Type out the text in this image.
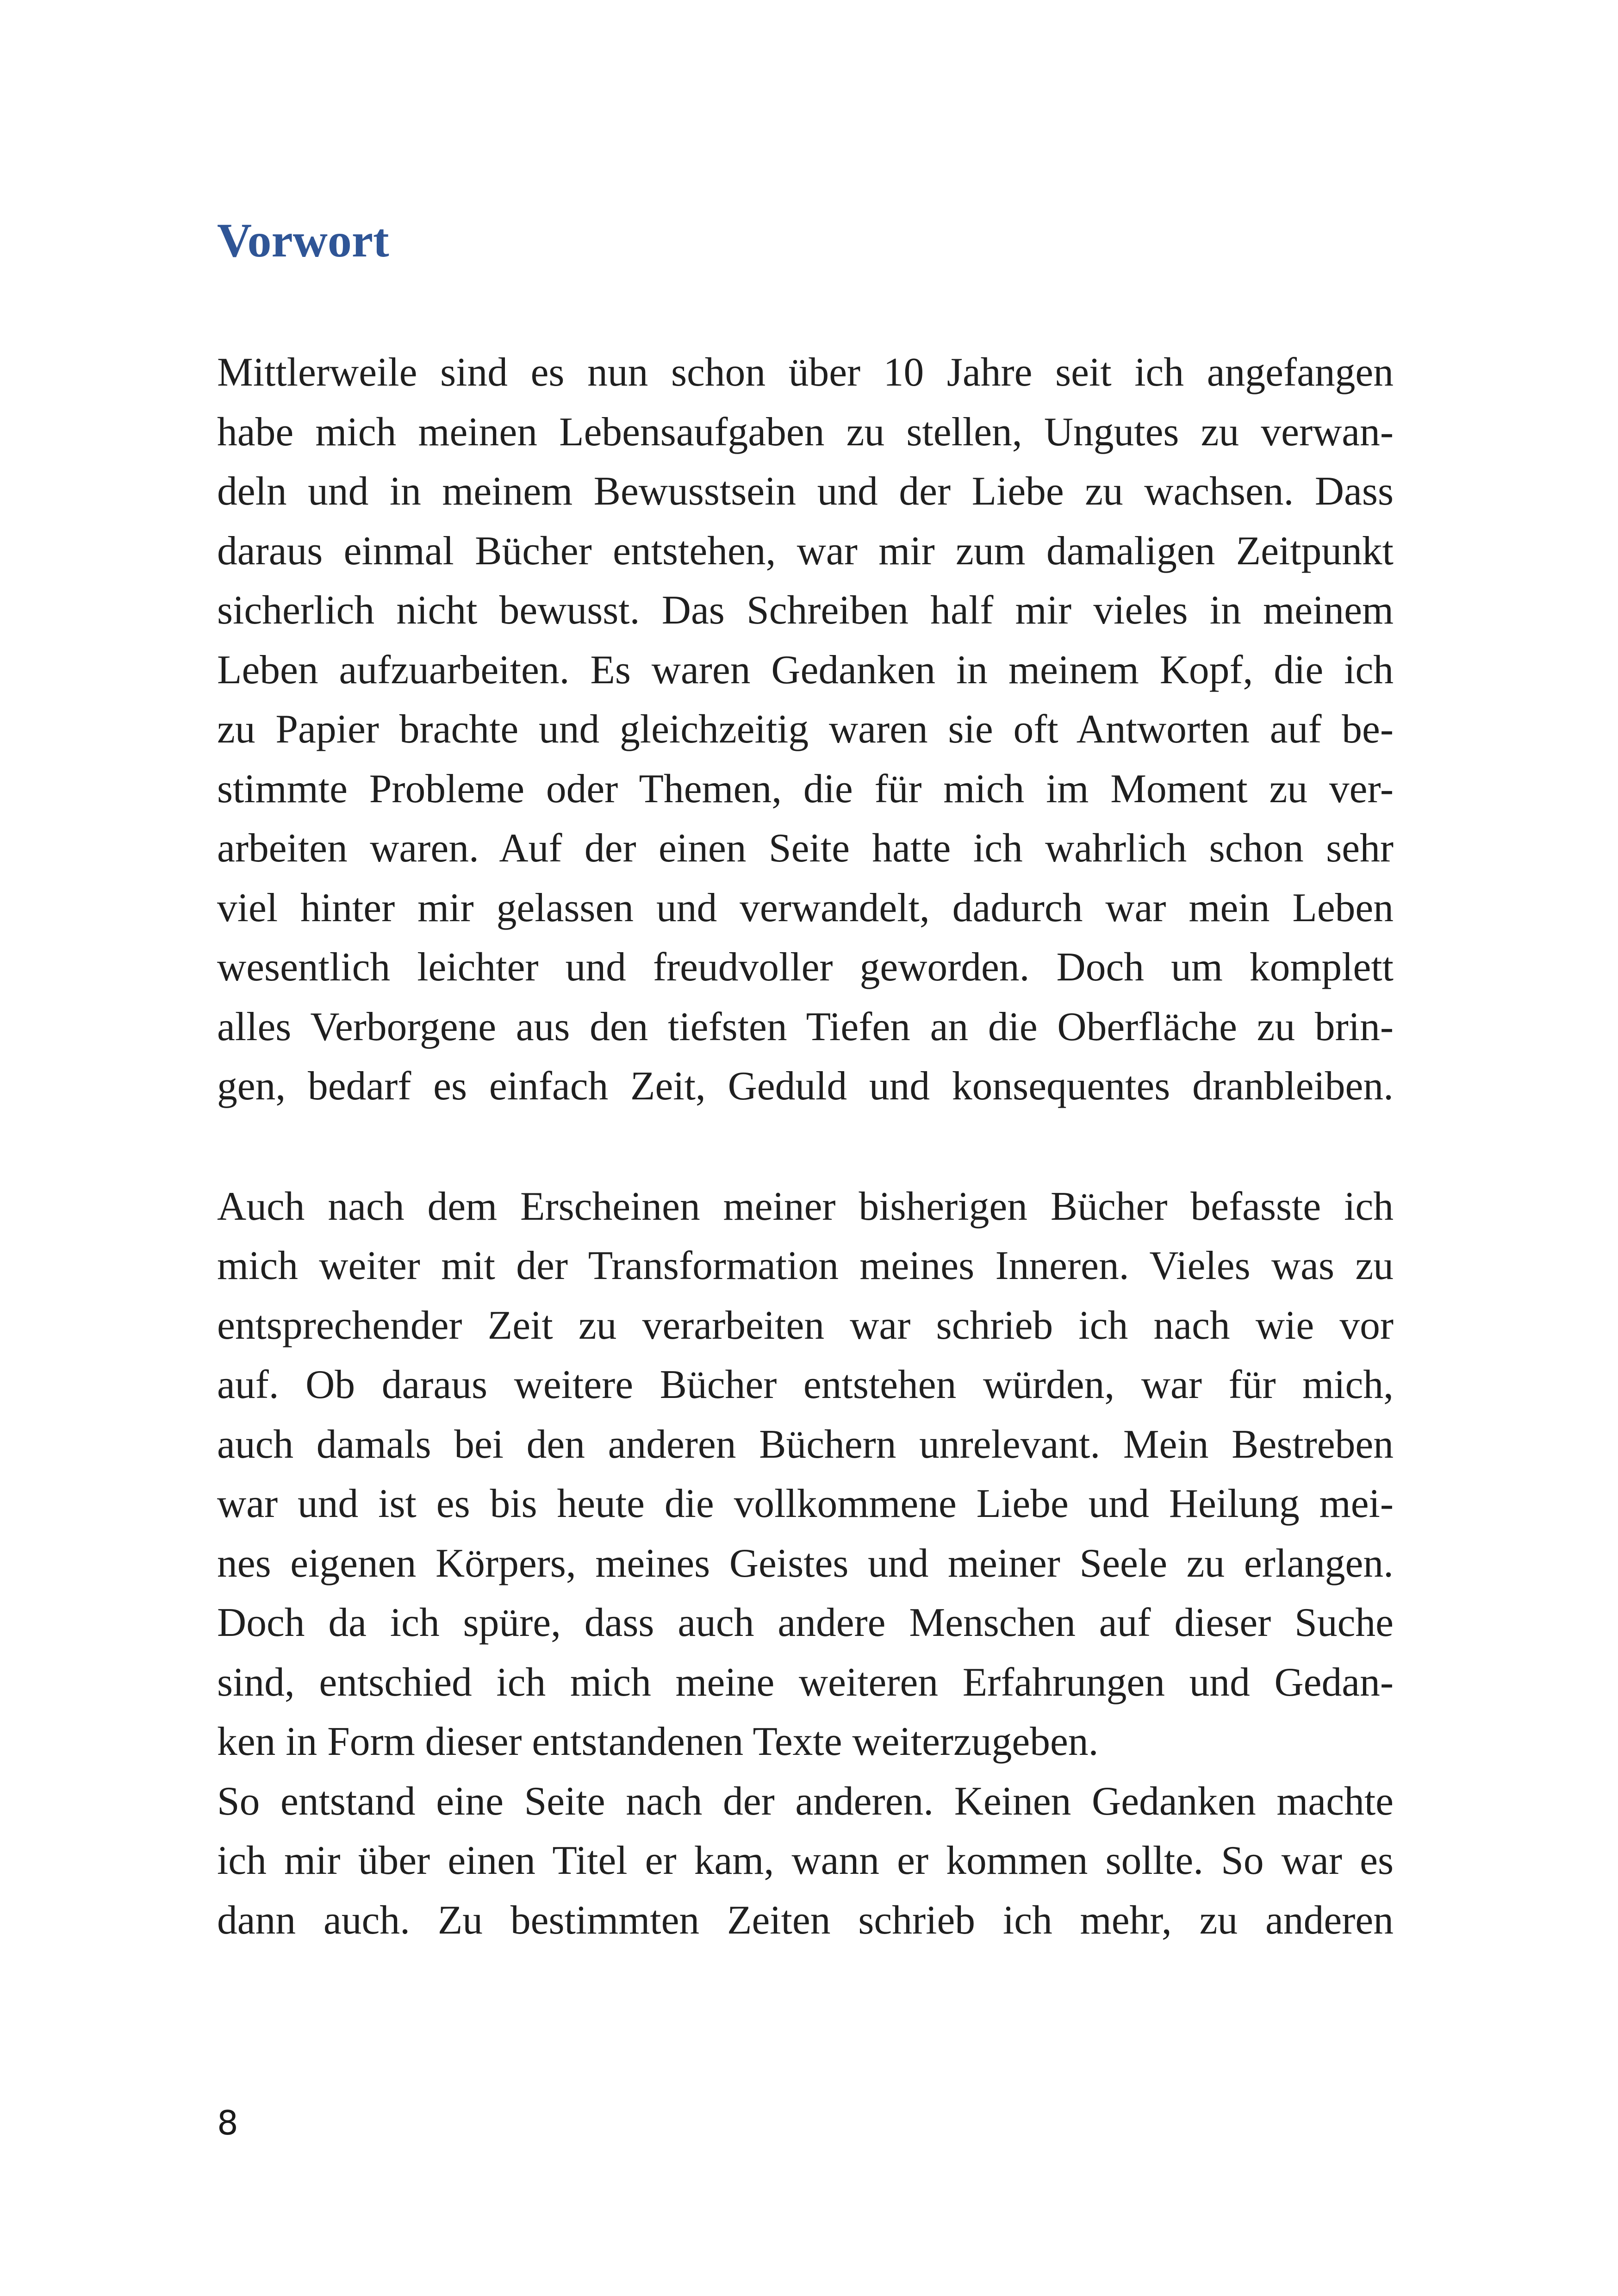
Vorwort

Mittlerweile sind es nun schon über 10 Jahre seit ich angefangen
habe mich meinen Lebensaufgaben zu stellen, Ungutes zu verwan-
deln und in meinem Bewusstsein und der Liebe zu wachsen. Dass
daraus einmal Bücher entstehen, war mir zum damaligen Zeitpunkt
sicherlich nicht bewusst. Das Schreiben half mir vieles in meinem
Leben aufzuarbeiten. Es waren Gedanken in meinem Kopf, die ich
zu Papier brachte und gleichzeitig waren sie oft Antworten auf be-
stimmte Probleme oder Themen, die für mich im Moment zu ver-
arbeiten waren. Auf der einen Seite hatte ich wahrlich schon sehr
viel hinter mir gelassen und verwandelt, dadurch war mein Leben
wesentlich leichter und freudvoller geworden. Doch um komplett
alles Verborgene aus den tiefsten Tiefen an die Oberfläche zu brin-
gen, bedarf es einfach Zeit, Geduld und konsequentes dranbleiben.

Auch nach dem Erscheinen meiner bisherigen Bücher befasste ich
mich weiter mit der Transformation meines Inneren. Vieles was zu
entsprechender Zeit zu verarbeiten war schrieb ich nach wie vor
auf. Ob daraus weitere Bücher entstehen würden, war für mich,
auch damals bei den anderen Büchern unrelevant. Mein Bestreben
war und ist es bis heute die vollkommene Liebe und Heilung mei-
nes eigenen Körpers, meines Geistes und meiner Seele zu erlangen.
Doch da ich spüre, dass auch andere Menschen auf dieser Suche
sind, entschied ich mich meine weiteren Erfahrungen und Gedan-
ken in Form dieser entstandenen Texte weiterzugeben.

So entstand eine Seite nach der anderen. Keinen Gedanken machte
ich mir über einen Titel er kam, wann er kommen sollte. So war es
dann auch. Zu bestimmten Zeiten schrieb ich mehr, zu anderen

8
